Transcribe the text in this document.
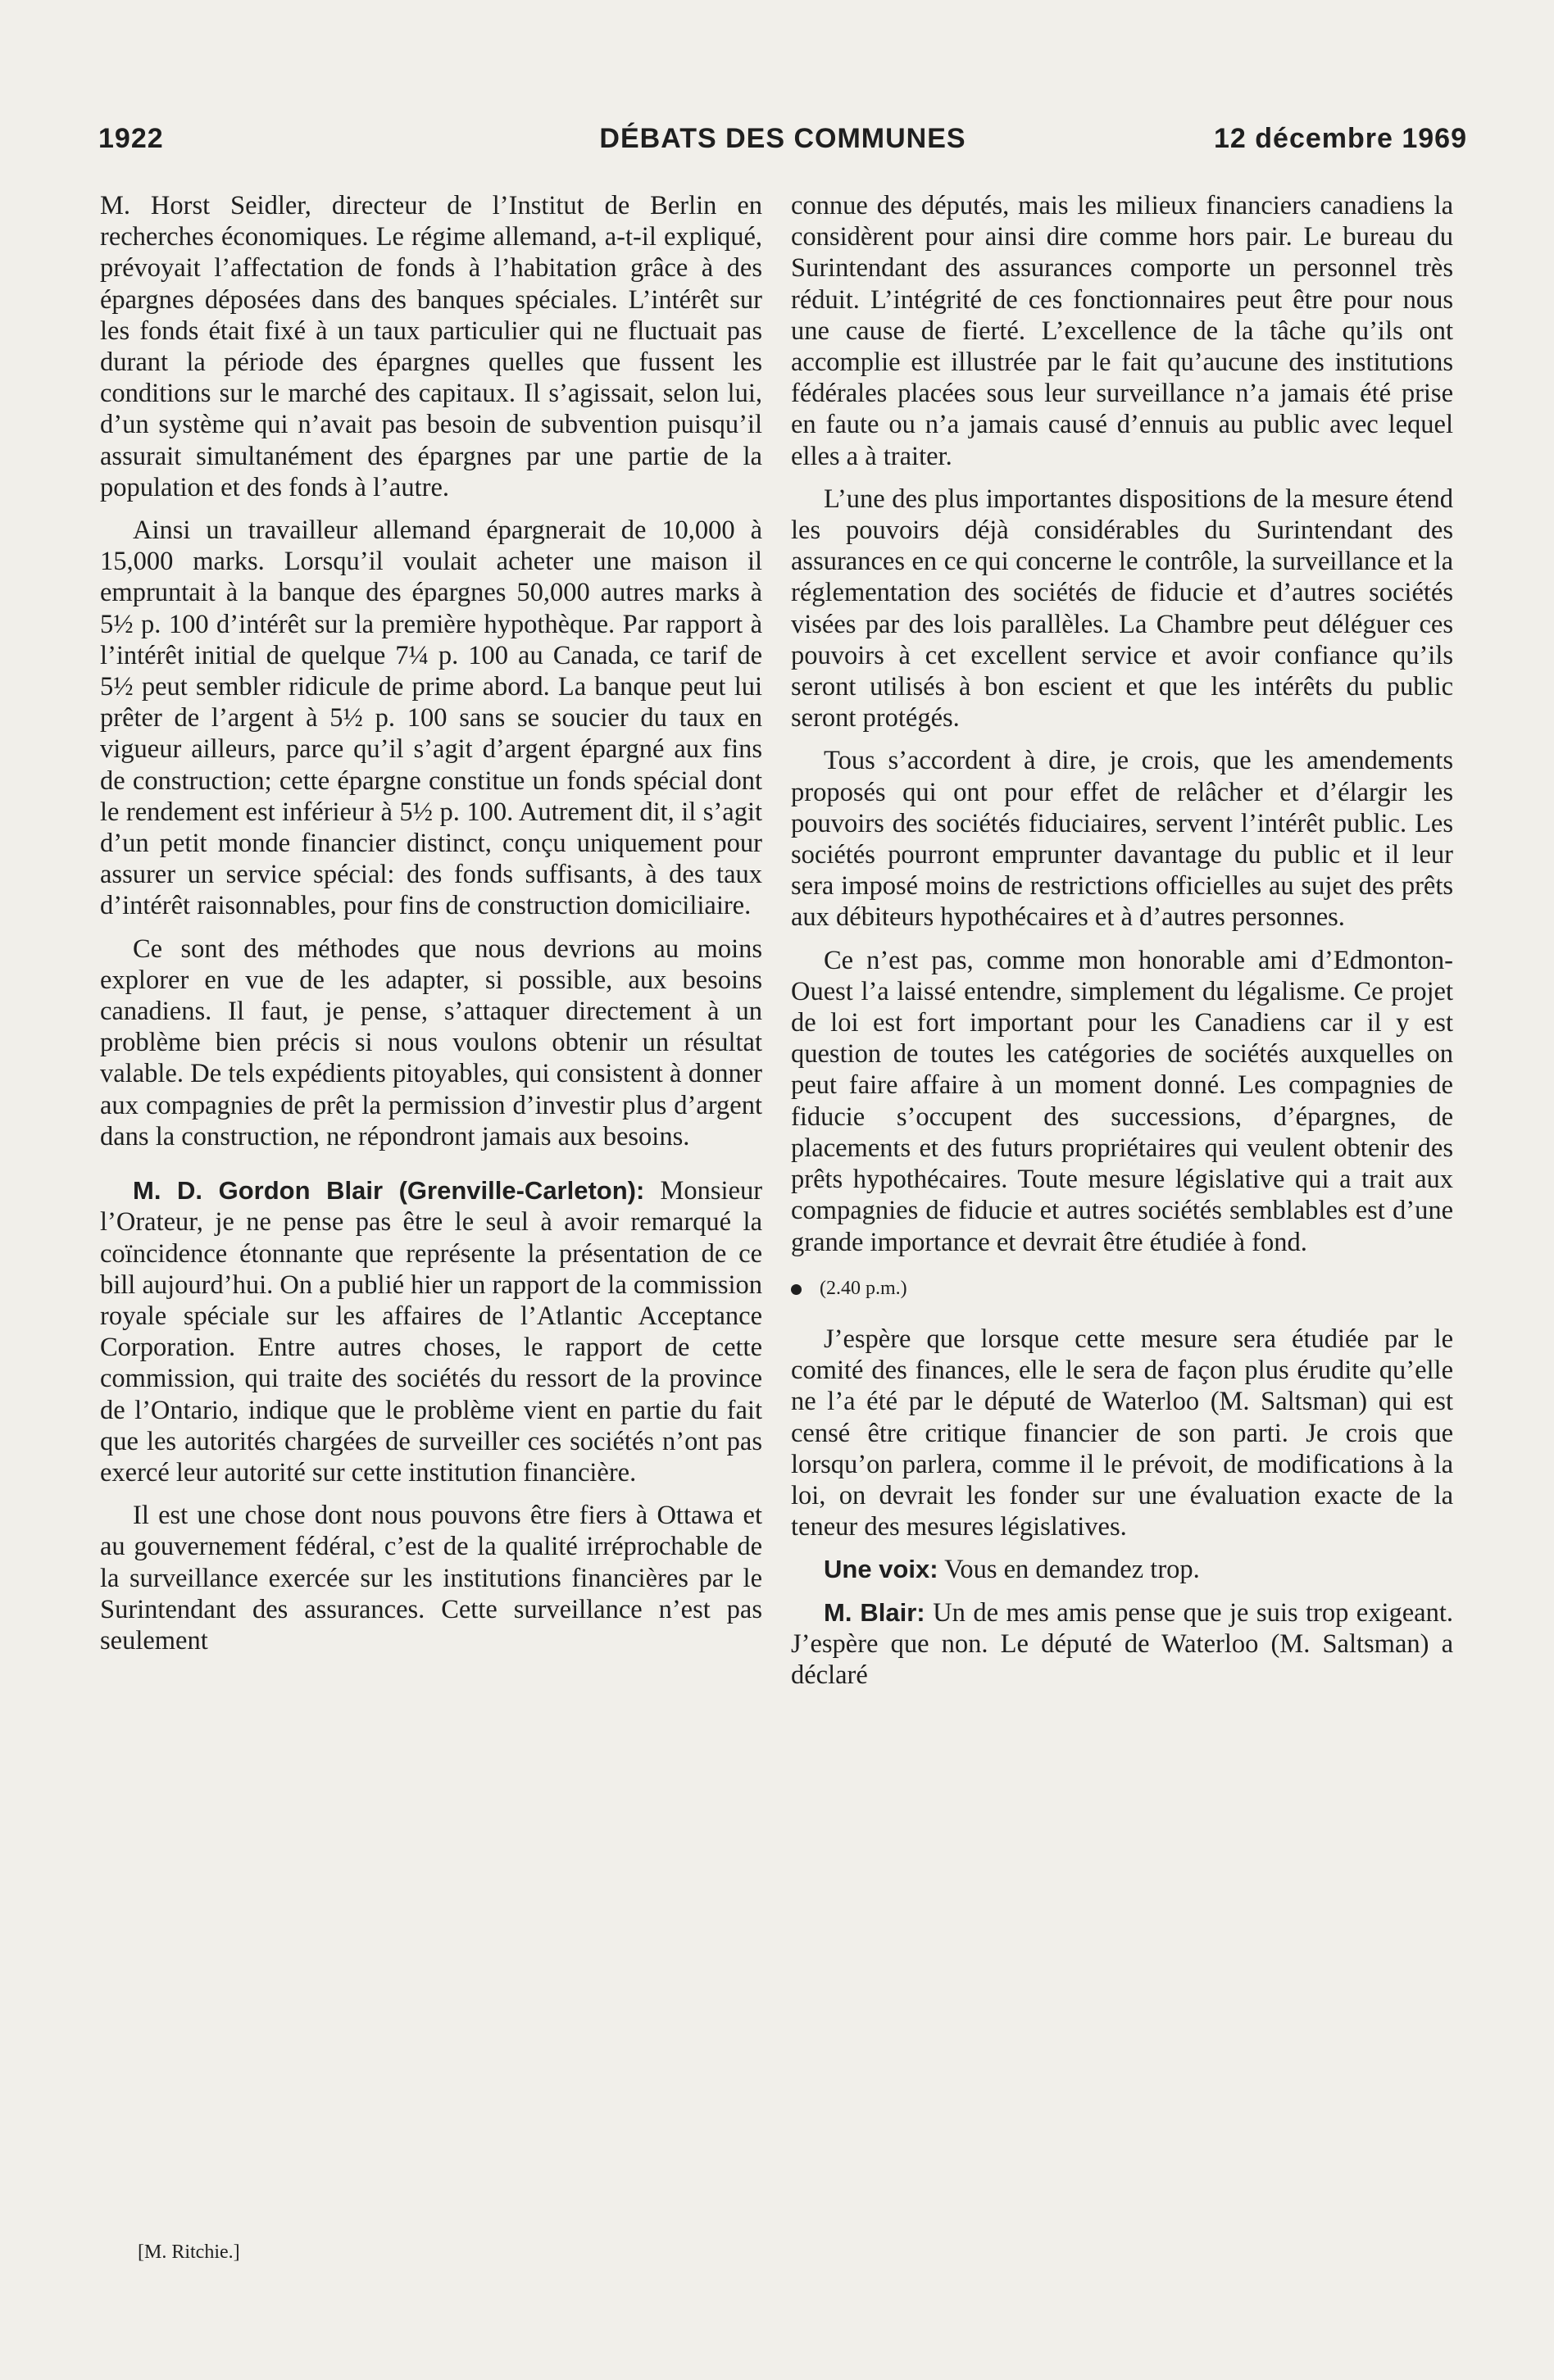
1922	DÉBATS DES COMMUNES	12 décembre 1969

M. Horst Seidler, directeur de l’Institut de Berlin en recherches économiques. Le régime allemand, a-t-il expliqué, prévoyait l’affectation de fonds à l’habitation grâce à des épargnes déposées dans des banques spéciales. L’intérêt sur les fonds était fixé à un taux particulier qui ne fluctuait pas durant la période des épargnes quelles que fussent les conditions sur le marché des capitaux. Il s’agissait, selon lui, d’un système qui n’avait pas besoin de subvention puisqu’il assurait simultanément des épargnes par une partie de la population et des fonds à l’autre.

Ainsi un travailleur allemand épargnerait de 10,000 à 15,000 marks. Lorsqu’il voulait acheter une maison il empruntait à la banque des épargnes 50,000 autres marks à 5½ p. 100 d’intérêt sur la première hypothèque. Par rapport à l’intérêt initial de quelque 7¼ p. 100 au Canada, ce tarif de 5½ peut sembler ridicule de prime abord. La banque peut lui prêter de l’argent à 5½ p. 100 sans se soucier du taux en vigueur ailleurs, parce qu’il s’agit d’argent épargné aux fins de construction; cette épargne constitue un fonds spécial dont le rendement est inférieur à 5½ p. 100. Autrement dit, il s’agit d’un petit monde financier distinct, conçu uniquement pour assurer un service spécial: des fonds suffisants, à des taux d’intérêt raisonnables, pour fins de construction domiciliaire.

Ce sont des méthodes que nous devrions au moins explorer en vue de les adapter, si possible, aux besoins canadiens. Il faut, je pense, s’attaquer directement à un problème bien précis si nous voulons obtenir un résultat valable. De tels expédients pitoyables, qui consistent à donner aux compagnies de prêt la permission d’investir plus d’argent dans la construction, ne répondront jamais aux besoins.

M. D. Gordon Blair (Grenville-Carleton): Monsieur l’Orateur, je ne pense pas être le seul à avoir remarqué la coïncidence étonnante que représente la présentation de ce bill aujourd’hui. On a publié hier un rapport de la commission royale spéciale sur les affaires de l’Atlantic Acceptance Corporation. Entre autres choses, le rapport de cette commission, qui traite des sociétés du ressort de la province de l’Ontario, indique que le problème vient en partie du fait que les autorités chargées de surveiller ces sociétés n’ont pas exercé leur autorité sur cette institution financière.

Il est une chose dont nous pouvons être fiers à Ottawa et au gouvernement fédéral, c’est de la qualité irréprochable de la surveillance exercée sur les institutions financières par le Surintendant des assurances. Cette surveillance n’est pas seulement

[M. Ritchie.]

connue des députés, mais les milieux financiers canadiens la considèrent pour ainsi dire comme hors pair. Le bureau du Surintendant des assurances comporte un personnel très réduit. L’intégrité de ces fonctionnaires peut être pour nous une cause de fierté. L’excellence de la tâche qu’ils ont accomplie est illustrée par le fait qu’aucune des institutions fédérales placées sous leur surveillance n’a jamais été prise en faute ou n’a jamais causé d’ennuis au public avec lequel elles a à traiter.

L’une des plus importantes dispositions de la mesure étend les pouvoirs déjà considérables du Surintendant des assurances en ce qui concerne le contrôle, la surveillance et la réglementation des sociétés de fiducie et d’autres sociétés visées par des lois parallèles. La Chambre peut déléguer ces pouvoirs à cet excellent service et avoir confiance qu’ils seront utilisés à bon escient et que les intérêts du public seront protégés.

Tous s’accordent à dire, je crois, que les amendements proposés qui ont pour effet de relâcher et d’élargir les pouvoirs des sociétés fiduciaires, servent l’intérêt public. Les sociétés pourront emprunter davantage du public et il leur sera imposé moins de restrictions officielles au sujet des prêts aux débiteurs hypothécaires et à d’autres personnes.

Ce n’est pas, comme mon honorable ami d’Edmonton-Ouest l’a laissé entendre, simplement du légalisme. Ce projet de loi est fort important pour les Canadiens car il y est question de toutes les catégories de sociétés auxquelles on peut faire affaire à un moment donné. Les compagnies de fiducie s’occupent des successions, d’épargnes, de placements et des futurs propriétaires qui veulent obtenir des prêts hypothécaires. Toute mesure législative qui a trait aux compagnies de fiducie et autres sociétés semblables est d’une grande importance et devrait être étudiée à fond.

(2.40 p.m.)

J’espère que lorsque cette mesure sera étudiée par le comité des finances, elle le sera de façon plus érudite qu’elle ne l’a été par le député de Waterloo (M. Saltsman) qui est censé être critique financier de son parti. Je crois que lorsqu’on parlera, comme il le prévoit, de modifications à la loi, on devrait les fonder sur une évaluation exacte de la teneur des mesures législatives.

Une voix: Vous en demandez trop.

M. Blair: Un de mes amis pense que je suis trop exigeant. J’espère que non. Le député de Waterloo (M. Saltsman) a déclaré
